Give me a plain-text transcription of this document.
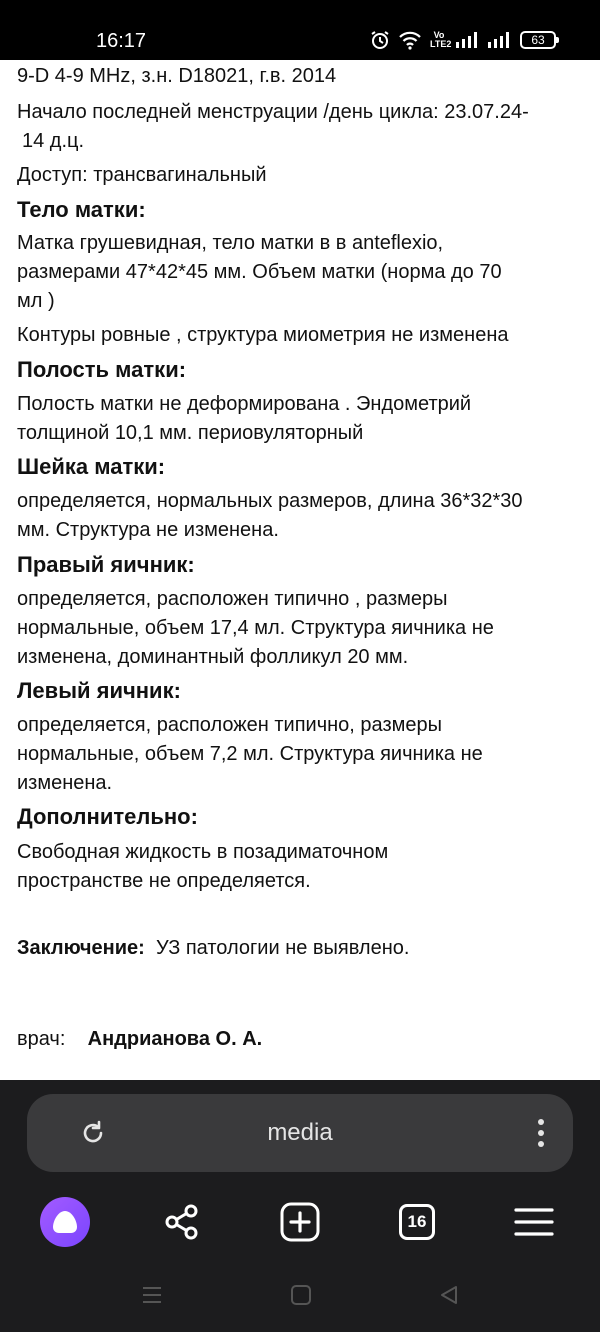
16:17	Vo
LTE2	63
9-D 4-9 MHz, з.н. D18021, г.в. 2014
Начало последней менструации /день цикла: 23.07.24-
14 д.ц.
Доступ: трансвагинальный
Тело матки:
Матка грушевидная, тело матки в в anteflexio,
размерами 47*42*45 мм. Объем матки (норма до 70
мл )
Контуры ровные , структура миометрия не изменена
Полость матки:
Полость матки не деформирована . Эндометрий
толщиной 10,1 мм. периовуляторный
Шейка матки:
определяется, нормальных размеров, длина 36*32*30
мм. Структура не изменена.
Правый яичник:
определяется, расположен типично , размеры
нормальные, объем 17,4 мл. Структура яичника не
изменена, доминантный фолликул 20 мм.
Левый яичник:
определяется, расположен типично, размеры
нормальные, объем 7,2 мл. Структура яичника не
изменена.
Дополнительно:
Свободная жидкость в позадиматочном
пространстве не определяется.
Заключение: УЗ патологии не выявлено.
врач: Андрианова О. А.
media
16
